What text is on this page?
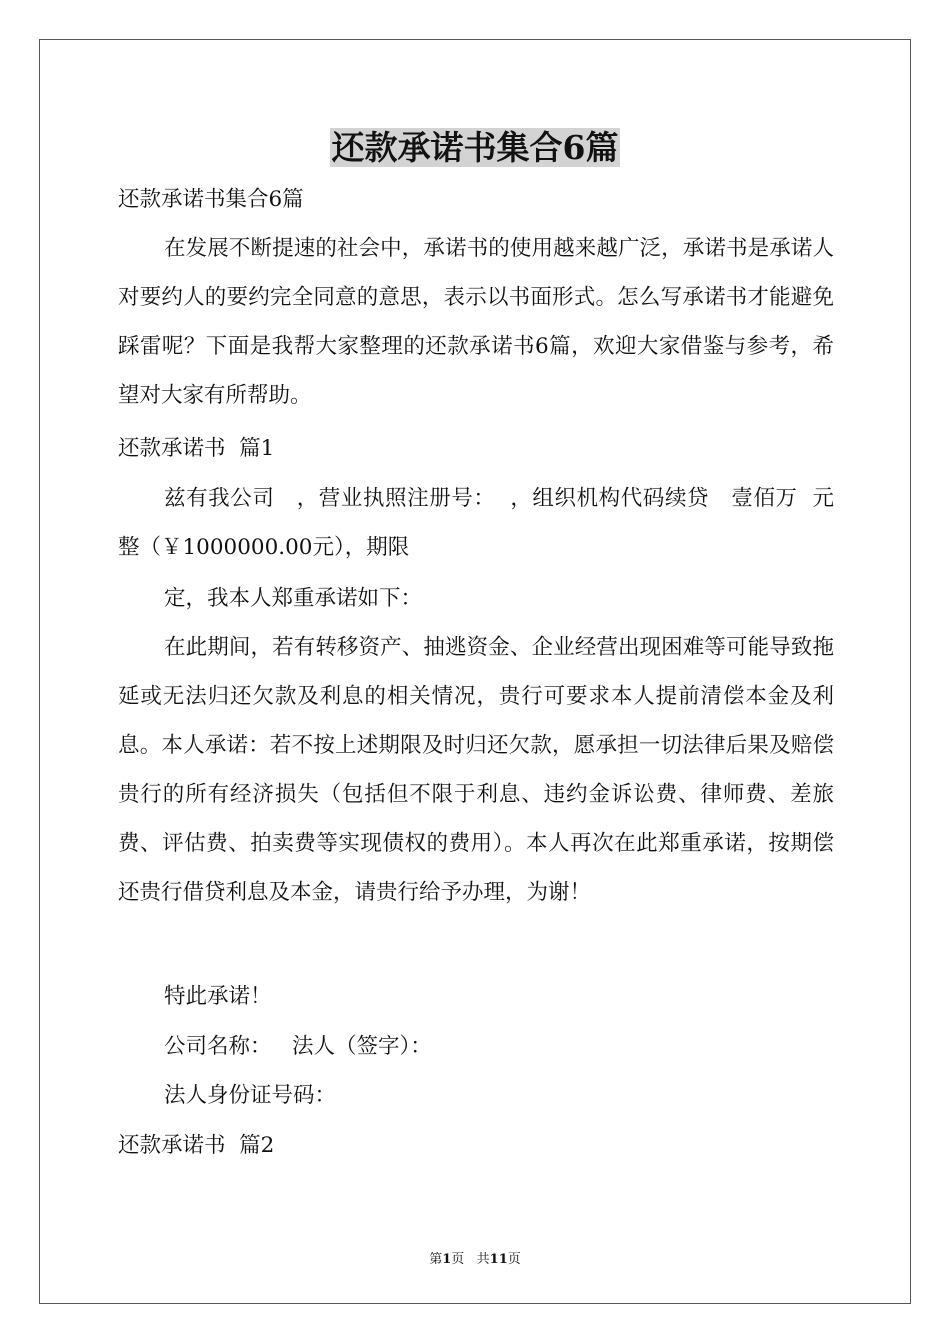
还款承诺书集合6篇

还款承诺书集合6篇

在发展不断提速的社会中，承诺书的使用越来越广泛，承诺书是承诺人对要约人的要约完全同意的意思，表示以书面形式。怎么写承诺书才能避免踩雷呢？下面是我帮大家整理的还款承诺书6篇，欢迎大家借鉴与参考，希望对大家有所帮助。

还款承诺书  篇1

兹有我公司   ，营业执照注册号：  ，组织机构代码续贷   壹佰万  元整（￥1000000.00元），期限

定，我本人郑重承诺如下：

在此期间，若有转移资产、抽逃资金、企业经营出现困难等可能导致拖延或无法归还欠款及利息的相关情况，贵行可要求本人提前清偿本金及利息。本人承诺：若不按上述期限及时归还欠款，愿承担一切法律后果及赔偿贵行的所有经济损失（包括但不限于利息、违约金诉讼费、律师费、差旅费、评估费、拍卖费等实现债权的费用）。本人再次在此郑重承诺，按期偿还贵行借贷利息及本金，请贵行给予办理，为谢！

特此承诺！

公司名称：   法人（签字）：

法人身份证号码：

还款承诺书  篇2

第1页   共11页
